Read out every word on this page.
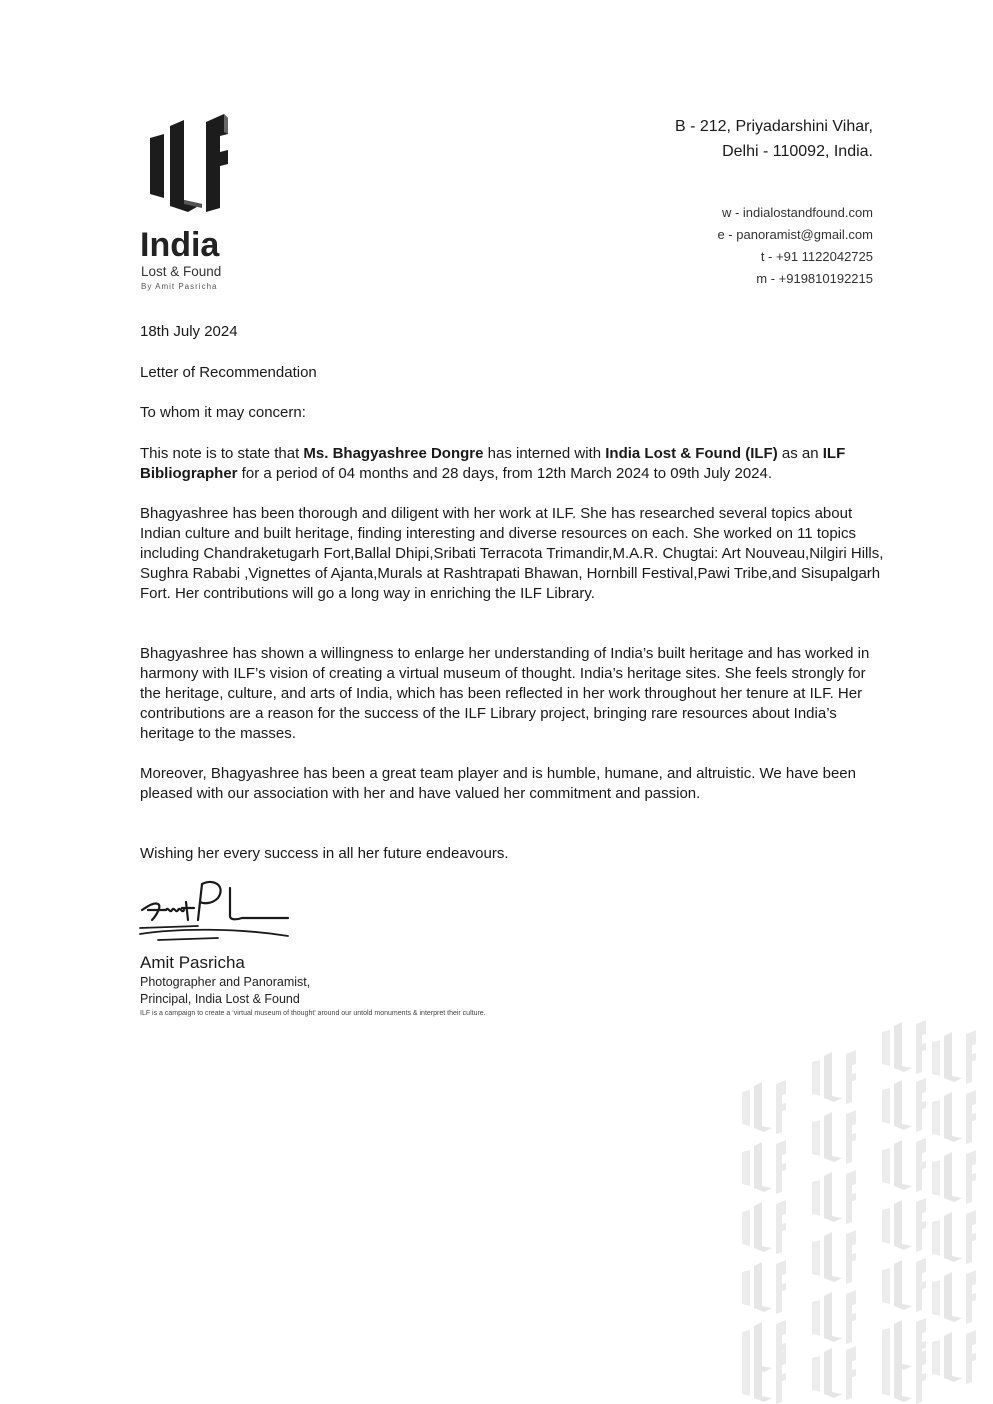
India
Lost & Found
By Amit Pasricha
B - 212, Priyadarshini Vihar,
Delhi - 110092, India.
w - indialostandfound.com
e - panoramist@gmail.com
t - +91 1122042725
m - +919810192215
18th July 2024
Letter of Recommendation
To whom it may concern:
This note is to state that Ms. Bhagyashree Dongre has interned with India Lost & Found (ILF) as an ILF Bibliographer for a period of 04 months and 28 days, from 12th March 2024 to 09th July 2024.
Bhagyashree has been thorough and diligent with her work at ILF. She has researched several topics about Indian culture and built heritage, finding interesting and diverse resources on each. She worked on 11 topics including Chandraketugarh Fort,Ballal Dhipi,Sribati Terracota Trimandir,M.A.R. Chugtai: Art Nouveau,Nilgiri Hills, Sughra Rababi ,Vignettes of Ajanta,Murals at Rashtrapati Bhawan, Hornbill Festival,Pawi Tribe,and Sisupalgarh Fort. Her contributions will go a long way in enriching the ILF Library.
Bhagyashree has shown a willingness to enlarge her understanding of India’s built heritage and has worked in harmony with ILF’s vision of creating a virtual museum of thought. India’s heritage sites. She feels strongly for the heritage, culture, and arts of India, which has been reflected in her work throughout her tenure at ILF. Her contributions are a reason for the success of the ILF Library project, bringing rare resources about India’s heritage to the masses.
Moreover, Bhagyashree has been a great team player and is humble, humane, and altruistic. We have been pleased with our association with her and have valued her commitment and passion.
Wishing her every success in all her future endeavours.
Amit Pasricha
Photographer and Panoramist,
Principal, India Lost & Found
ILF is a campaign to create a ‘virtual museum of thought’ around our untold monuments & interpret their culture.
